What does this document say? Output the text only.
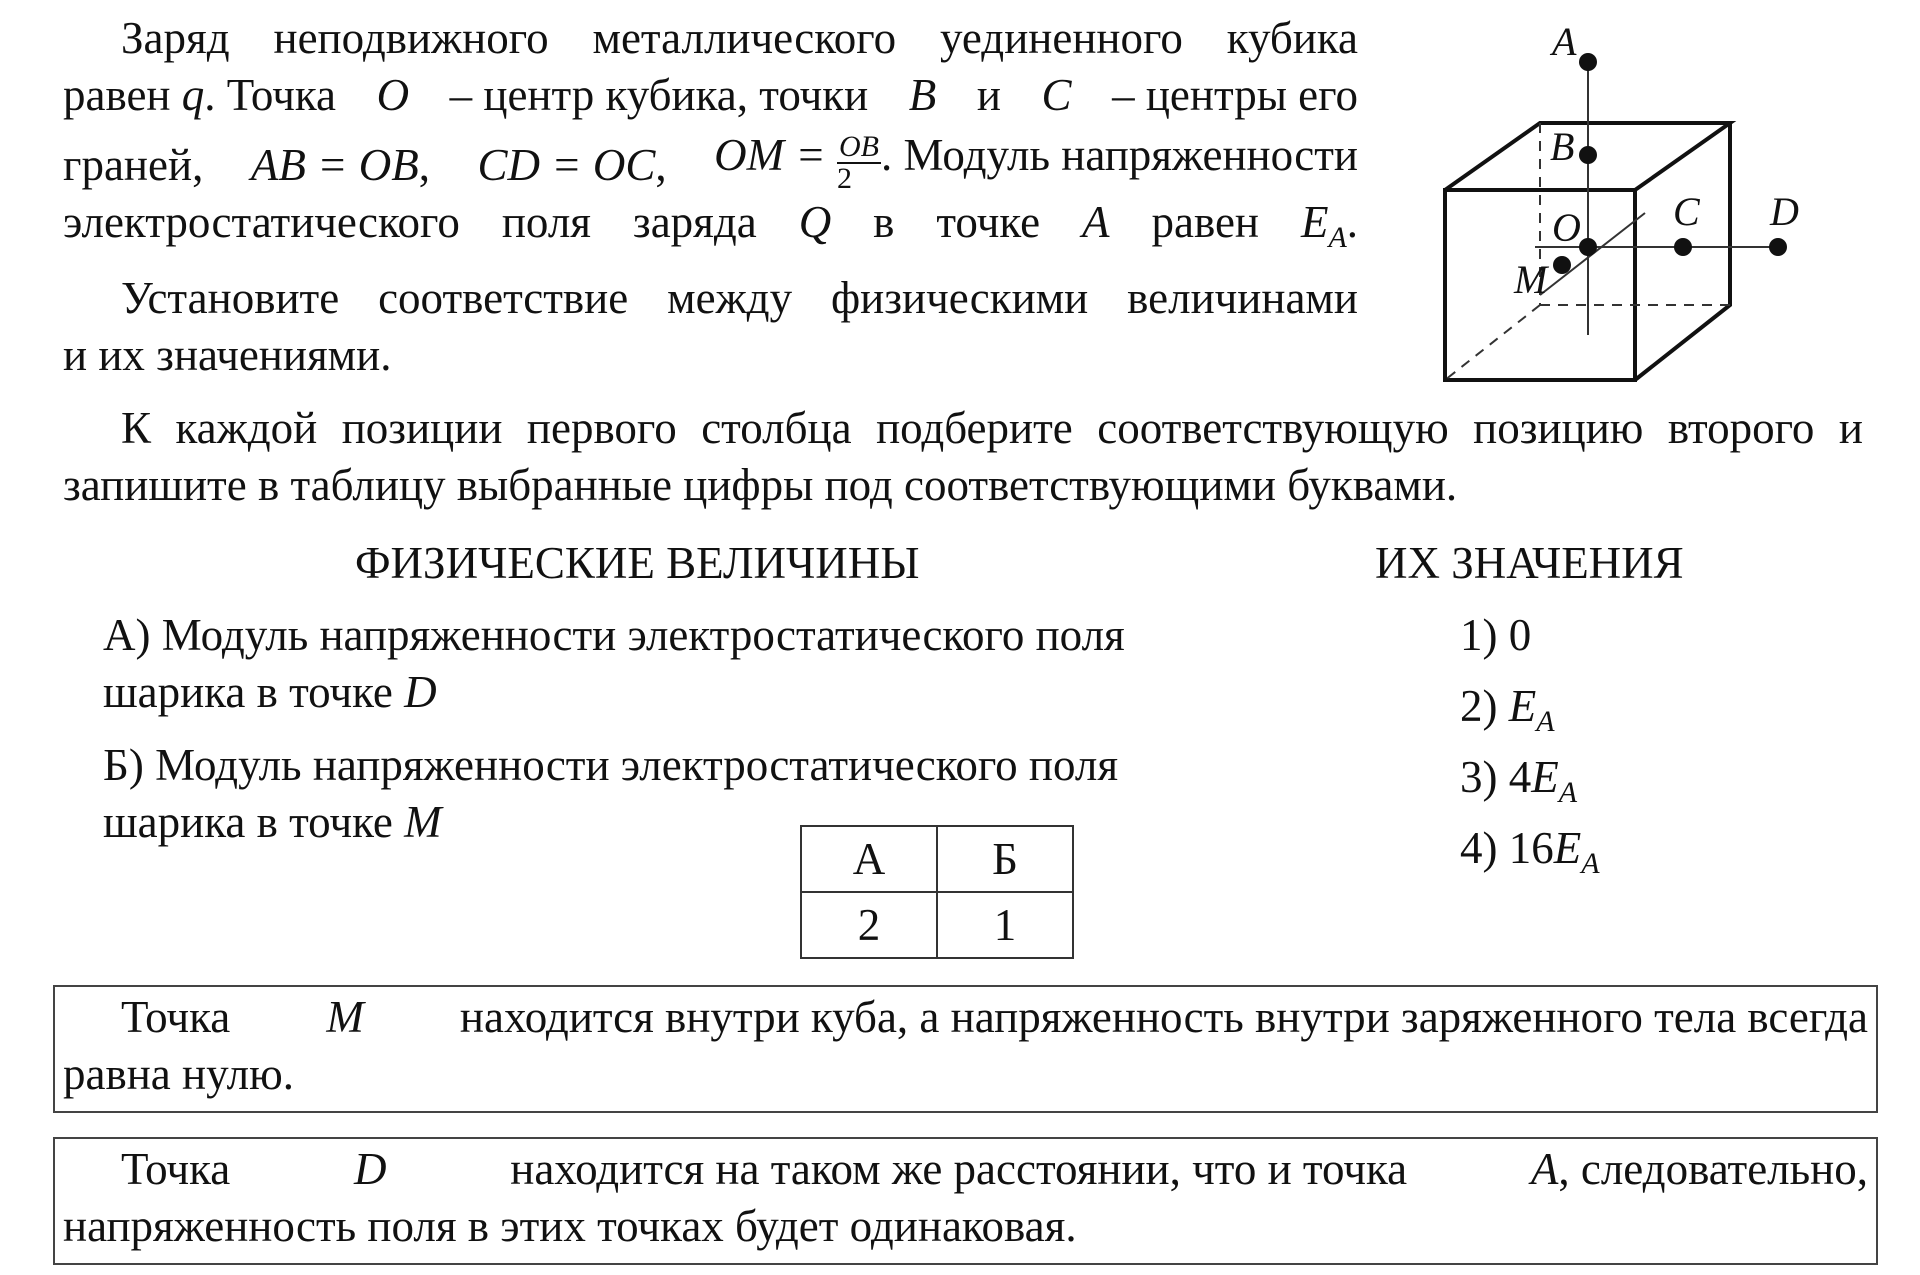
Заряд неподвижного металлического уединенного кубика
равен q. Точка O – центр кубика, точки B и C – центры его
граней, AB = OB, CD = OC, OM = $\frac{OB}{2}$ . Модуль напряженности
электростатического поля заряда Q в точке A равен $E_A$.
Установите соответствие между физическими величинами
и их значениями.
A
B
O C D
M
К каждой позиции первого столбца подберите соответствующую позицию второго и
запишите в таблицу выбранные цифры под соответствующими буквами.
ФИЗИЧЕСКИЕ ВЕЛИЧИНЫ	ИХ ЗНАЧЕНИЯ
А) Модуль напряженности электростатического поля
шарика в точке D
Б) Модуль напряженности электростатического поля
шарика в точке M
1) 0
2) $E_A$
3) $4E_A$
4) $16E_A$
А	Б
2	1
Точка M находится внутри куба, а напряженность внутри заряженного тела всегда
равна нулю.
Точка	D	находится на таком же расстоянии, что и точка	A, следовательно,
напряженность поля в этих точках будет одинаковая.
